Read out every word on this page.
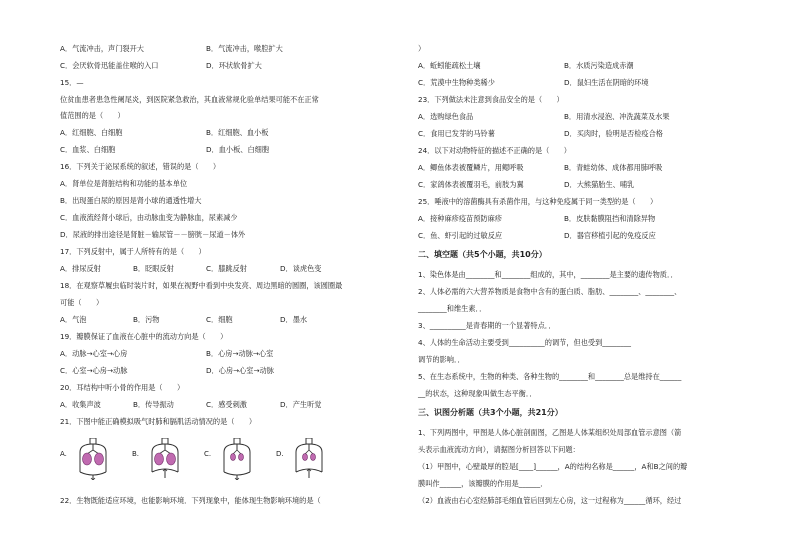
A．气流冲击，声门裂开大	B．气流冲击，喉腔扩大
C．会厌软骨迅能盖住喉的入口	D．环状软骨扩大
15．—
位贫血患者患急性阑尾炎，到医院紧急救治，其血液常规化验单结果可能不在正常
值范围的是（　　）
A．红细胞、白细胞	B．红细胞、血小板
C．血浆、白细胞	D．血小板、白细胞
16．下列关于泌尿系统的叙述，错误的是（　　）
A．肾单位是肾脏结构和功能的基本单位
B．出现蛋白尿的原因是肾小球的通透性增大
C．血液流经肾小球后，由动脉血变为静脉血，尿素减少
D．尿液的排出途径是肾脏－输尿管－－膀胱－尿道－体外
17．下列反射中，属于人所特有的是（　　）
A．排尿反射	B．眨眼反射	C．膝跳反射	D．谈虎色变
18．在观察草履虫临时装片时，如果在视野中看到中央发亮、周边黑暗的圆圈，该圆圈最
可能（　　）
A．气泡	B．污物	C．细胞	D．墨水
19．瓣膜保证了血液在心脏中的流动方向是（　　）
A．动脉→心室→心房	B．心房→动脉→心室
C．心室→心房→动脉	D．心房→心室→动脉
20．耳结构中听小骨的作用是（　　）
A．收集声波	B．传导振动	C．感受刺激	D．产生听觉
21．下图中能正确模拟吸气时肺和膈肌活动情况的是（　　）
A.	B.	C.	D.
22．生物既能适应环境，也能影响环境．下列现象中，能体现生物影响环境的是（
）
A．蚯蚓能疏松土壤	B．水质污染造成赤潮
C．荒漠中生物种类稀少	D．鼠妇生活在阴暗的环境
23．下列做法未注意到食品安全的是（　　）
A．选购绿色食品	B．用清水浸泡、冲洗蔬菜及水果
C．食用已发芽的马铃薯	D．买肉时，验明是否检疫合格
24．以下对动物特征的描述不正确的是（　　）
A．鲫鱼体表被覆鳞片，用鳃呼吸	B．青蛙幼体、成体都用肺呼吸
C．家鸽体表被覆羽毛，前肢为翼	D．大熊猫胎生、哺乳
25．唾液中的溶菌酶具有杀菌作用，与这种免疫属于同一类型的是（　　）
A．接种麻疹疫苗预防麻疹	B．皮肤黏膜阻挡和清除异物
C．鱼、虾引起的过敏反应	D．器官移植引起的免疫反应
二、填空题（共5个小题，共10分）
1、染色体是由________和________组成的，其中，________是主要的遗传物质．．
2、人体必需的六大营养物质是食物中含有的蛋白质、脂肪、________、________、
________和维生素．．
3、__________是青春期的一个显著特点．．
4、人体的生命活动主要受到__________的调节，但也受到________
调节的影响．．
5、在生态系统中，生物的种类、各种生物的________和________总是维持在______
__的状态，这种现象叫做生态平衡．．
三、识图分析题（共3个小题，共21分）
1、下列两图中，甲图是人体心脏剖面图，乙图是人体某组织处局部血管示意图（箭
头表示血液流动方向），请据图分析回答以下问题：
（1）甲图中，心壁最厚的腔是[____]______，A的结构名称是______，A和B之间的瓣
膜叫作______，该瓣膜的作用是______．
（2）血液由右心室经肺部毛细血管后回到左心房，这一过程称为______循环，经过
